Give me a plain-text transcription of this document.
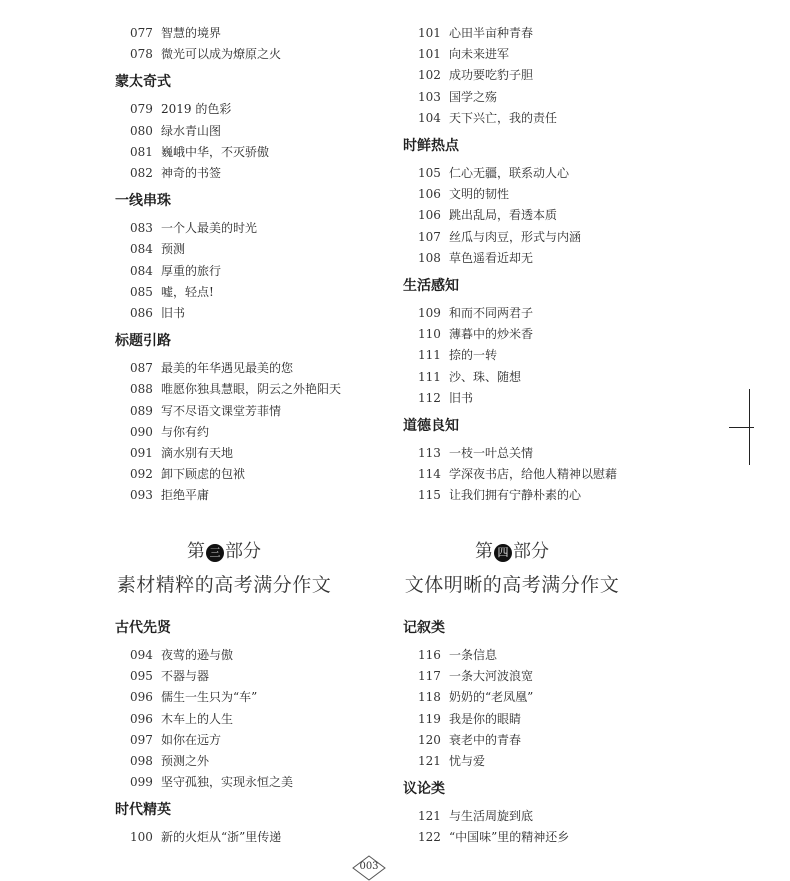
077 智慧的境界
078 微光可以成为燎原之火
蒙太奇式
079 2019 的色彩
080 绿水青山图
081 巍峨中华，不灭骄傲
082 神奇的书签
一线串珠
083 一个人最美的时光
084 预测
084 厚重的旅行
085 嘘，轻点!
086 旧书
标题引路
087 最美的年华遇见最美的您
088 唯愿你独具慧眼，阴云之外艳阳天
089 写不尽语文课堂芳菲情
090 与你有约
091 滴水别有天地
092 卸下顾虑的包袱
093 拒绝平庸
101 心田半亩种青春
101 向未来进军
102 成功要吃豹子胆
103 国学之殇
104 天下兴亡，我的责任
时鲜热点
105 仁心无疆，联系动人心
106 文明的韧性
106 跳出乱局，看透本质
107 丝瓜与肉豆，形式与内涵
108 草色遥看近却无
生活感知
109 和而不同两君子
110 薄暮中的炒米香
111 捺的一转
111 沙、珠、随想
112 旧书
道德良知
113 一枝一叶总关情
114 学深夜书店，给他人精神以慰藉
115 让我们拥有宁静朴素的心
第 三 部分
素材精粹的高考满分作文
第 四 部分
文体明晰的高考满分作文
古代先贤
094 夜莺的逊与傲
095 不器与器
096 儒生一生只为“车”
096 木车上的人生
097 如你在远方
098 预测之外
099 坚守孤独，实现永恒之美
时代精英
100 新的火炬从“浙”里传递
记叙类
116 一条信息
117 一条大河波浪宽
118 奶奶的“老凤凰”
119 我是你的眼睛
120 衰老中的青春
121 忧与爱
议论类
121 与生活周旋到底
122 “中国味”里的精神还乡
003
